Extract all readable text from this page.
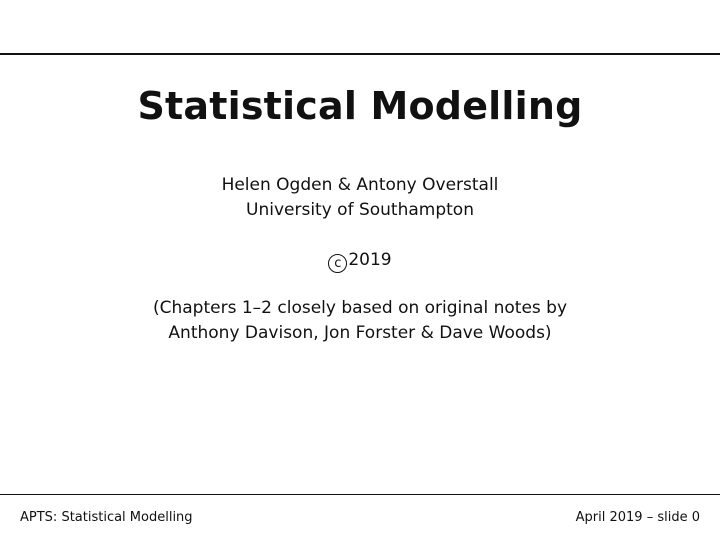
Statistical Modelling
Helen Ogden & Antony Overstall
University of Southampton
c 2019
(Chapters 1–2 closely based on original notes by
Anthony Davison, Jon Forster & Dave Woods)
APTS: Statistical Modelling	April 2019 – slide 0
